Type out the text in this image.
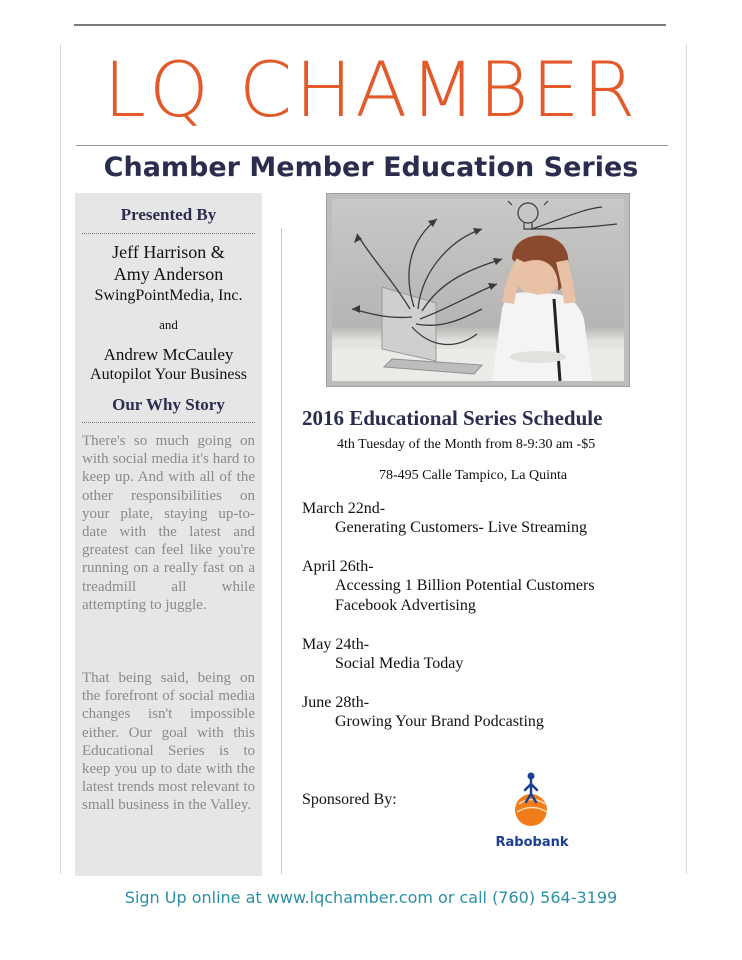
LQ CHAMBER
Chamber Member Education Series
Presented By
Jeff Harrison &
Amy Anderson
SwingPointMedia, Inc.
and
Andrew McCauley
Autopilot Your Business
Our Why Story
There's so much going on with social media it's hard to keep up. And with all of the other responsibilities on your plate, staying up-to-date with the latest and greatest can feel like you're running on a really fast on a treadmill all while attempting to juggle.
That being said, being on the forefront of social media changes isn't impossible either. Our goal with this Educational Series is to keep you up to date with the latest trends most relevant to small business in the Valley.
2016 Educational Series Schedule
4th Tuesday of the Month from 8-9:30 am -$5
78-495 Calle Tampico, La Quinta
March 22nd-
Generating Customers- Live Streaming
April 26th-
Accessing 1 Billion Potential Customers
Facebook Advertising
May 24th-
Social Media Today
June 28th-
Growing Your Brand Podcasting
Sponsored By:
Rabobank
Sign Up online at www.lqchamber.com or call (760) 564-3199
